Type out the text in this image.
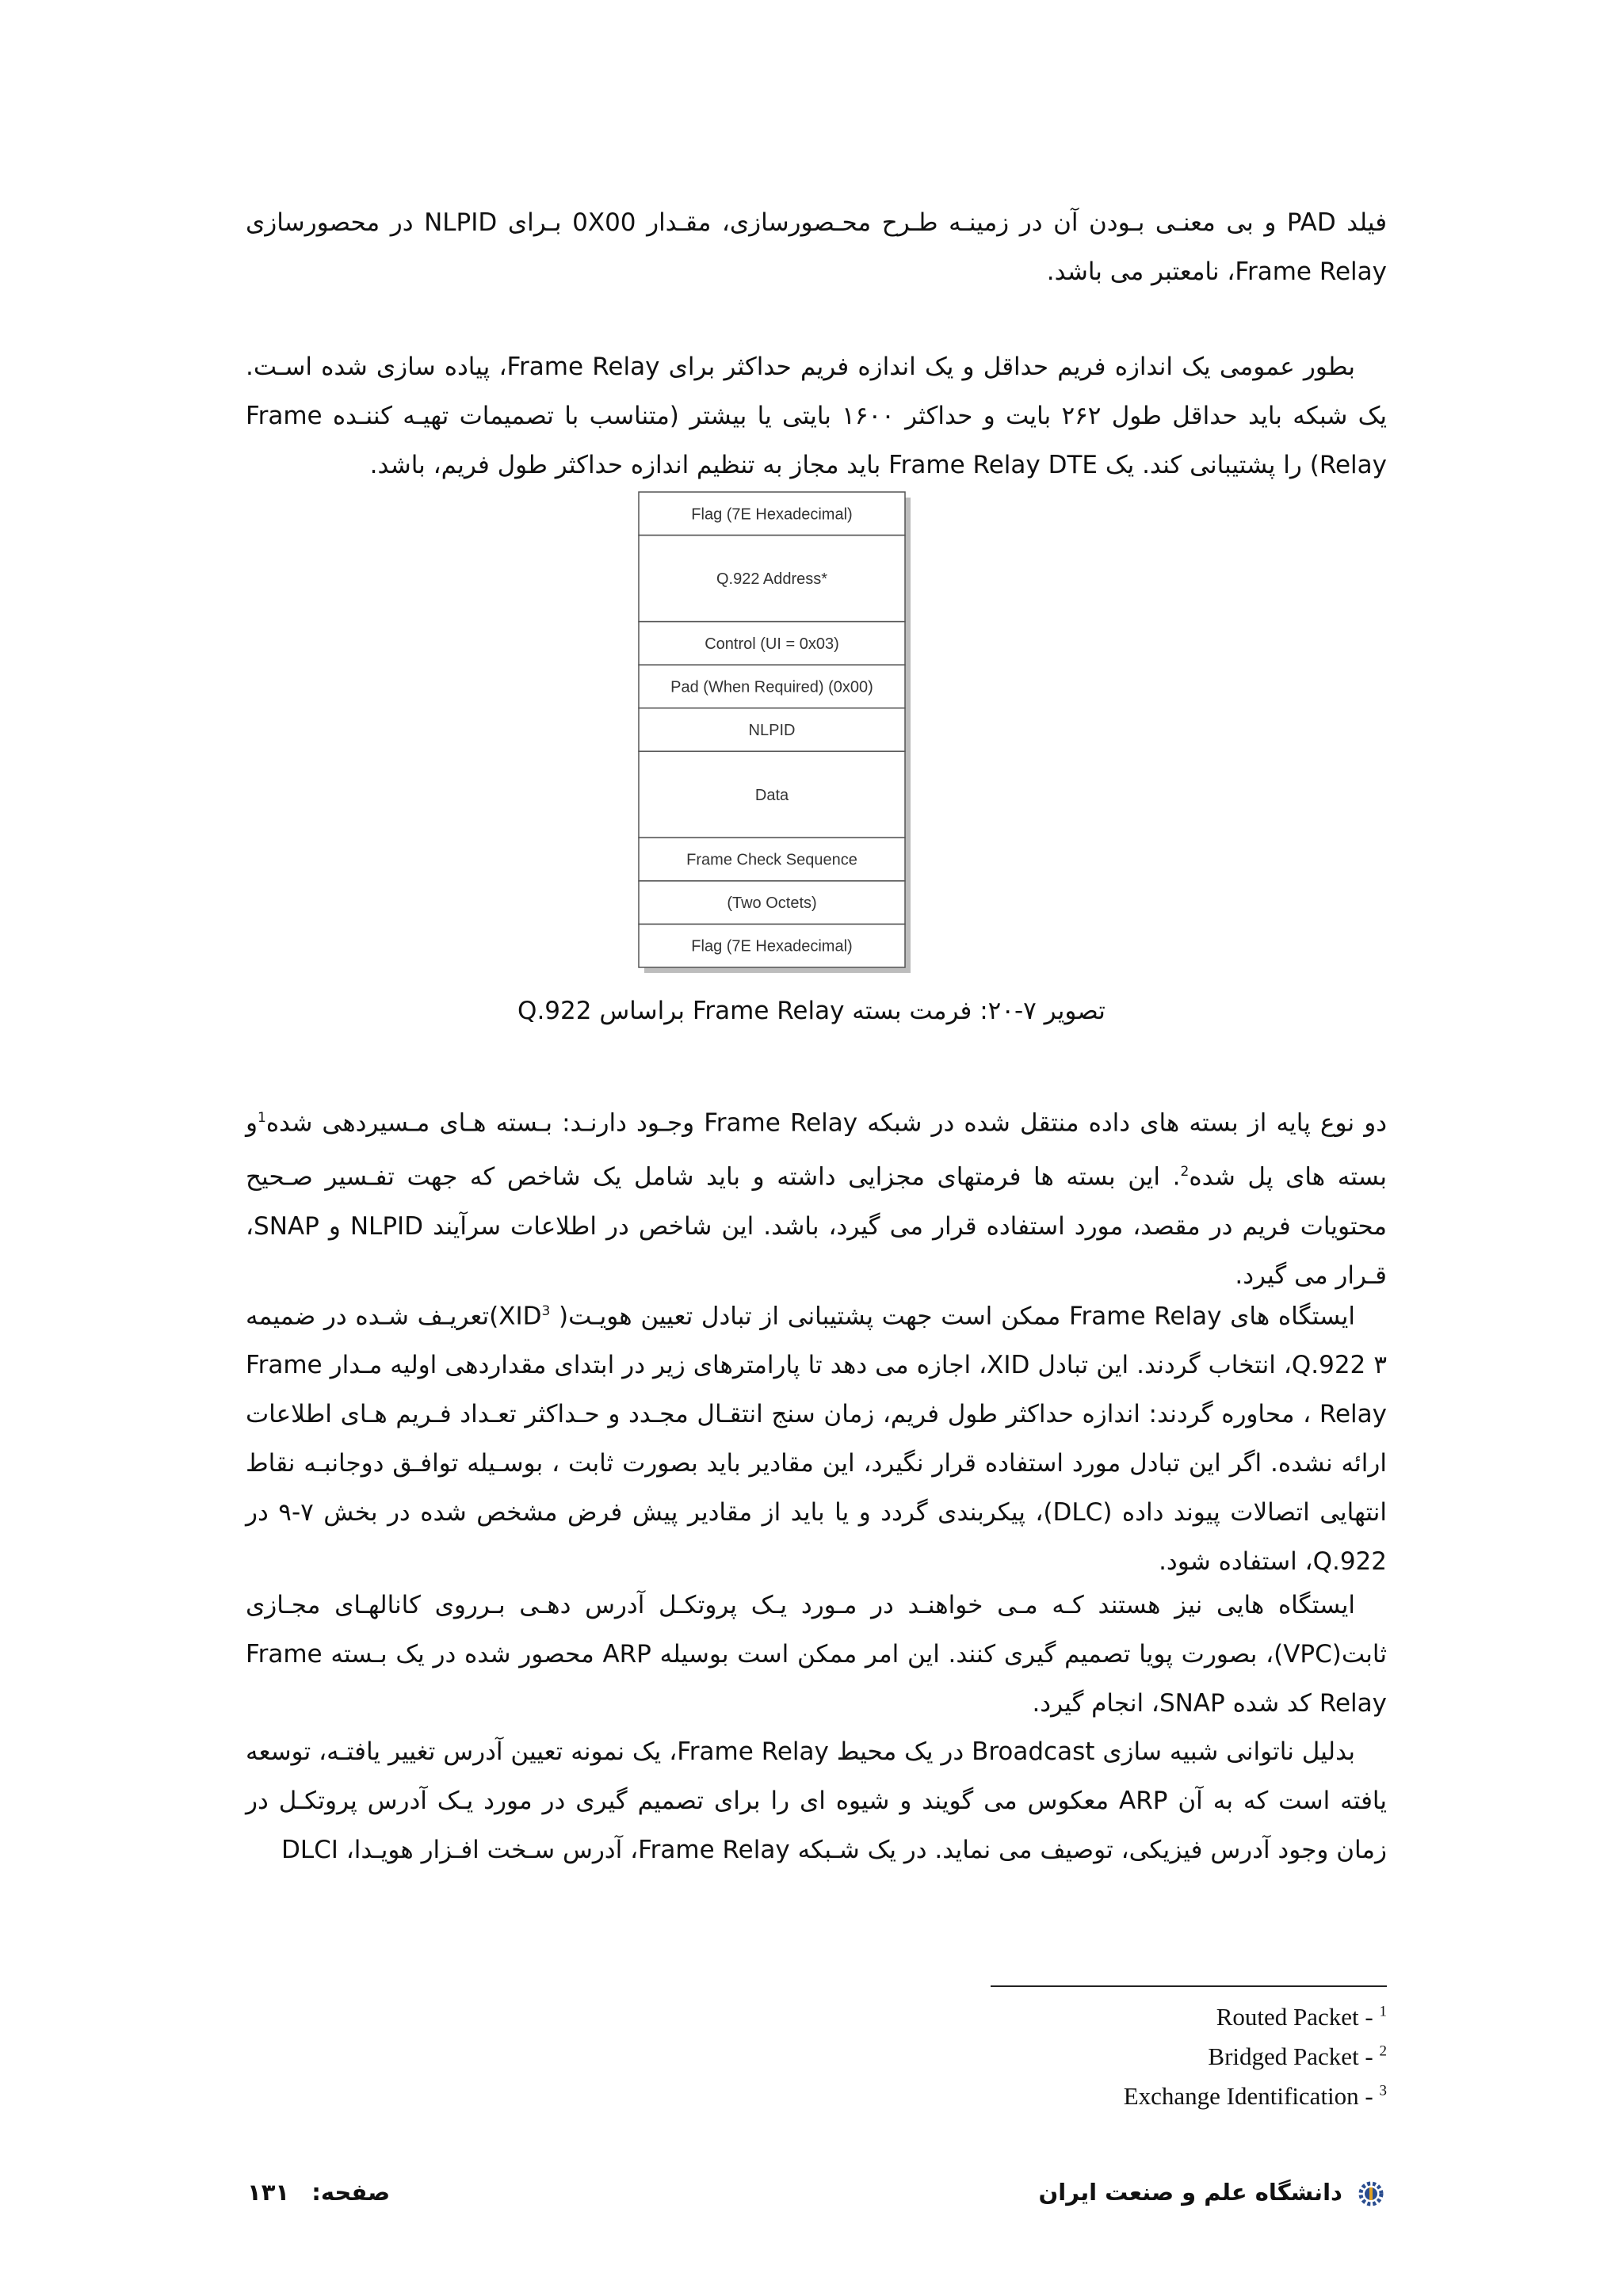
فیلد PAD و بی معنـی بـودن آن در زمینـه طـرح محـصورسازی، مقـدار 0X00 بـرای NLPID در محصورسازی Frame Relay، نامعتبر می باشد.

بطور عمومی یک اندازه فریم حداقل و یک اندازه فریم حداکثر برای Frame Relay، پیاده سازی شده اسـت. یک شبکه باید حداقل طول ۲۶۲ بایت و حداکثر ۱۶۰۰ بایتی یا بیشتر (متناسب با تصمیمات تهیـه کننـده Frame Relay) را پشتیبانی کند. یک Frame Relay DTE باید مجاز به تنظیم اندازه حداکثر طول فریم، باشد.

Flag (7E Hexadecimal)
Q.922 Address*
Control (UI = 0x03)
Pad (When Required) (0x00)
NLPID
Data
Frame Check Sequence
(Two Octets)
Flag (7E Hexadecimal)
تصویر ۷-۲۰: فرمت بسته Frame Relay براساس Q.922

دو نوع پایه از بسته های داده منتقل شده در شبکه Frame Relay وجـود دارنـد: بـسته هـای مـسیردهی شده$^1$و بسته های پل شده$^2$. این بسته ها فرمتهای مجزایی داشته و باید شامل یک شاخص که جهت تفـسیر صـحیح محتویات فریم در مقصد، مورد استفاده قرار می گیرد، باشد. این شاخص در اطلاعات سرآیند NLPID و SNAP، قـرار می گیرد.

ایستگاه های Frame Relay ممکن است جهت پشتیبانی از تبادل تعیین هویـت( XID$^3$)تعریـف شـده در ضمیمه ۳ Q.922، انتخاب گردند. این تبادل XID، اجازه می دهد تا پارامترهای زیر در ابتدای مقداردهی اولیه مـدار Frame Relay ، محاوره گردند: اندازه حداکثر طول فریم، زمان سنج انتقـال مجـدد و حـداکثر تعـداد فـریم هـای اطلاعات ارائه نشده. اگر این تبادل مورد استفاده قرار نگیرد، این مقادیر باید بصورت ثابت ، بوسـیله توافـق دوجانبـه نقاط انتهایی اتصالات پیوند داده (DLC)، پیکربندی گردد و یا باید از مقادیر پیش فرض مشخص شده در بخش ۷-۹ در Q.922، استفاده شود.

ایستگاه هایی نیز هستند کـه مـی خواهنـد در مـورد یـک پروتکـل آدرس دهـی بـرروی کانالهـای مجـازی ثابت(VPC)، بصورت پویا تصمیم گیری کنند. این امر ممکن است بوسیله ARP محصور شده در یک بـسته Frame Relay کد شده SNAP، انجام گیرد.

بدلیل ناتوانی شبیه سازی Broadcast در یک محیط Frame Relay، یک نمونه تعیین آدرس تغییر یافتـه، توسعه یافته است که به آن ARP معکوس می گویند و شیوه ای را برای تصمیم گیری در مورد یـک آدرس پروتکـل در زمان وجود آدرس فیزیکی، توصیف می نماید. در یک شـبکه Frame Relay، آدرس سـخت افـزار هویـدا، DLCI

Routed Packet - $^1$
Bridged Packet - $^2$
Exchange Identification - $^3$
دانشگاه علم و صنعت ایران
صفحه: ۱۳۱
